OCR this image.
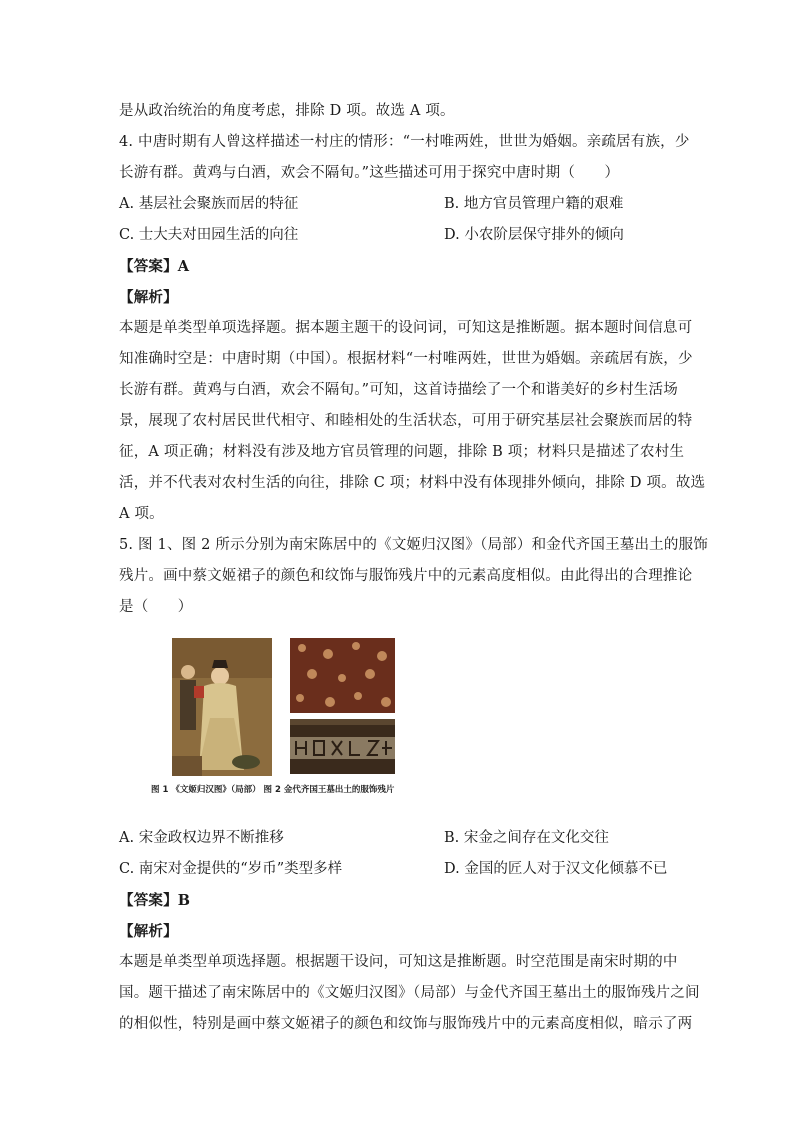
是从政治统治的角度考虑，排除 D 项。故选 A 项。
4. 中唐时期有人曾这样描述一村庄的情形：“一村唯两姓，世世为婚姻。亲疏居有族，少
长游有群。黄鸡与白酒，欢会不隔旬。”这些描述可用于探究中唐时期（　　）
A. 基层社会聚族而居的特征	B. 地方官员管理户籍的艰难
C. 士大夫对田园生活的向往	D. 小农阶层保守排外的倾向
【答案】A
【解析】
本题是单类型单项选择题。据本题主题干的设问词，可知这是推断题。据本题时间信息可
知准确时空是：中唐时期（中国）。根据材料“一村唯两姓，世世为婚姻。亲疏居有族，少
长游有群。黄鸡与白酒，欢会不隔旬。”可知，这首诗描绘了一个和谐美好的乡村生活场
景，展现了农村居民世代相守、和睦相处的生活状态，可用于研究基层社会聚族而居的特
征，A 项正确；材料没有涉及地方官员管理的问题，排除 B 项；材料只是描述了农村生
活，并不代表对农村生活的向往，排除 C 项；材料中没有体现排外倾向，排除 D 项。故选
A 项。
5. 图 1、图 2 所示分别为南宋陈居中的《文姬归汉图》（局部）和金代齐国王墓出土的服饰
残片。画中蔡文姬裙子的颜色和纹饰与服饰残片中的元素高度相似。由此得出的合理推论
是（　　）
图 1 《文姬归汉图》（局部） 图 2 金代齐国王墓出土的服饰残片
A. 宋金政权边界不断推移	B. 宋金之间存在文化交往
C. 南宋对金提供的“岁币”类型多样	D. 金国的匠人对于汉文化倾慕不已
【答案】B
【解析】
本题是单类型单项选择题。根据题干设问，可知这是推断题。时空范围是南宋时期的中
国。题干描述了南宋陈居中的《文姬归汉图》（局部）与金代齐国王墓出土的服饰残片之间
的相似性，特别是画中蔡文姬裙子的颜色和纹饰与服饰残片中的元素高度相似，暗示了两
